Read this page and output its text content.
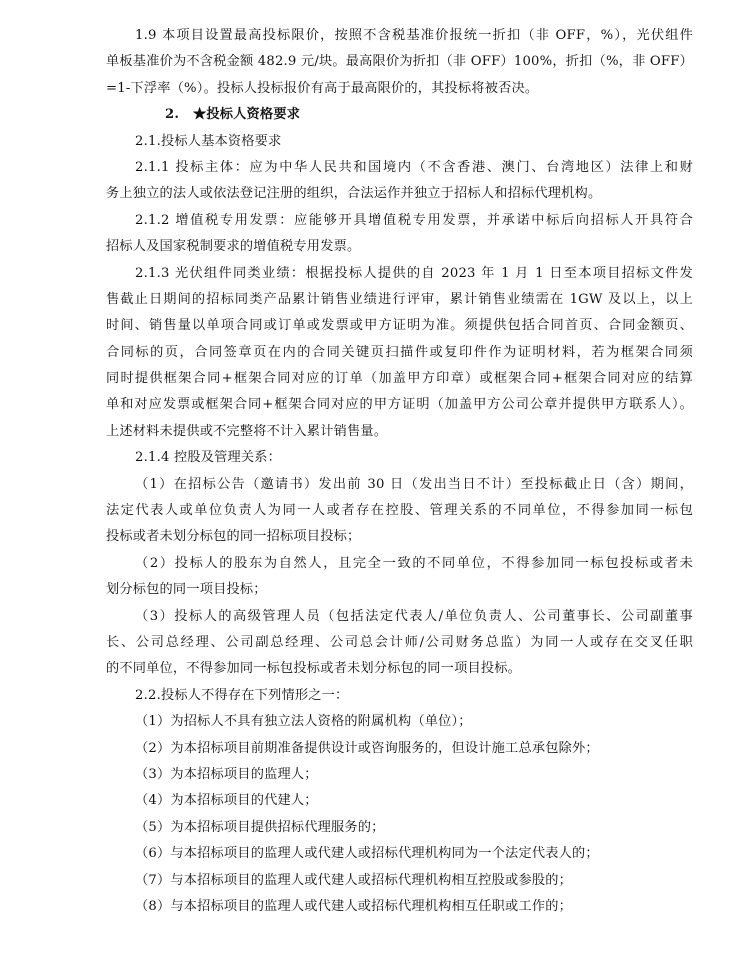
1.9 本项目设置最高投标限价，按照不含税基准价报统一折扣（非 OFF，%），光伏组件
单板基准价为不含税金额 482.9 元/块。最高限价为折扣（非 OFF）100%，折扣（%，非 OFF）
=1-下浮率（%）。投标人投标报价有高于最高限价的，其投标将被否决。
2. ★投标人资格要求
2.1.投标人基本资格要求
2.1.1 投标主体：应为中华人民共和国境内（不含香港、澳门、台湾地区）法律上和财
务上独立的法人或依法登记注册的组织，合法运作并独立于招标人和招标代理机构。
2.1.2 增值税专用发票：应能够开具增值税专用发票，并承诺中标后向招标人开具符合
招标人及国家税制要求的增值税专用发票。
2.1.3 光伏组件同类业绩：根据投标人提供的自 2023 年 1 月 1 日至本项目招标文件发
售截止日期间的招标同类产品累计销售业绩进行评审，累计销售业绩需在 1GW 及以上，以上
时间、销售量以单项合同或订单或发票或甲方证明为准。须提供包括合同首页、合同金额页、
合同标的页，合同签章页在内的合同关键页扫描件或复印件作为证明材料，若为框架合同须
同时提供框架合同+框架合同对应的订单（加盖甲方印章）或框架合同+框架合同对应的结算
单和对应发票或框架合同+框架合同对应的甲方证明（加盖甲方公司公章并提供甲方联系人）。
上述材料未提供或不完整将不计入累计销售量。
2.1.4 控股及管理关系：
（1）在招标公告（邀请书）发出前 30 日（发出当日不计）至投标截止日（含）期间，
法定代表人或单位负责人为同一人或者存在控股、管理关系的不同单位，不得参加同一标包
投标或者未划分标包的同一招标项目投标；
（2）投标人的股东为自然人，且完全一致的不同单位，不得参加同一标包投标或者未
划分标包的同一项目投标；
（3）投标人的高级管理人员（包括法定代表人/单位负责人、公司董事长、公司副董事
长、公司总经理、公司副总经理、公司总会计师/公司财务总监）为同一人或存在交叉任职
的不同单位，不得参加同一标包投标或者未划分标包的同一项目投标。
2.2.投标人不得存在下列情形之一：
（1）为招标人不具有独立法人资格的附属机构（单位）；
（2）为本招标项目前期准备提供设计或咨询服务的，但设计施工总承包除外；
（3）为本招标项目的监理人；
（4）为本招标项目的代建人；
（5）为本招标项目提供招标代理服务的；
（6）与本招标项目的监理人或代建人或招标代理机构同为一个法定代表人的；
（7）与本招标项目的监理人或代建人或招标代理机构相互控股或参股的；
（8）与本招标项目的监理人或代建人或招标代理机构相互任职或工作的；
